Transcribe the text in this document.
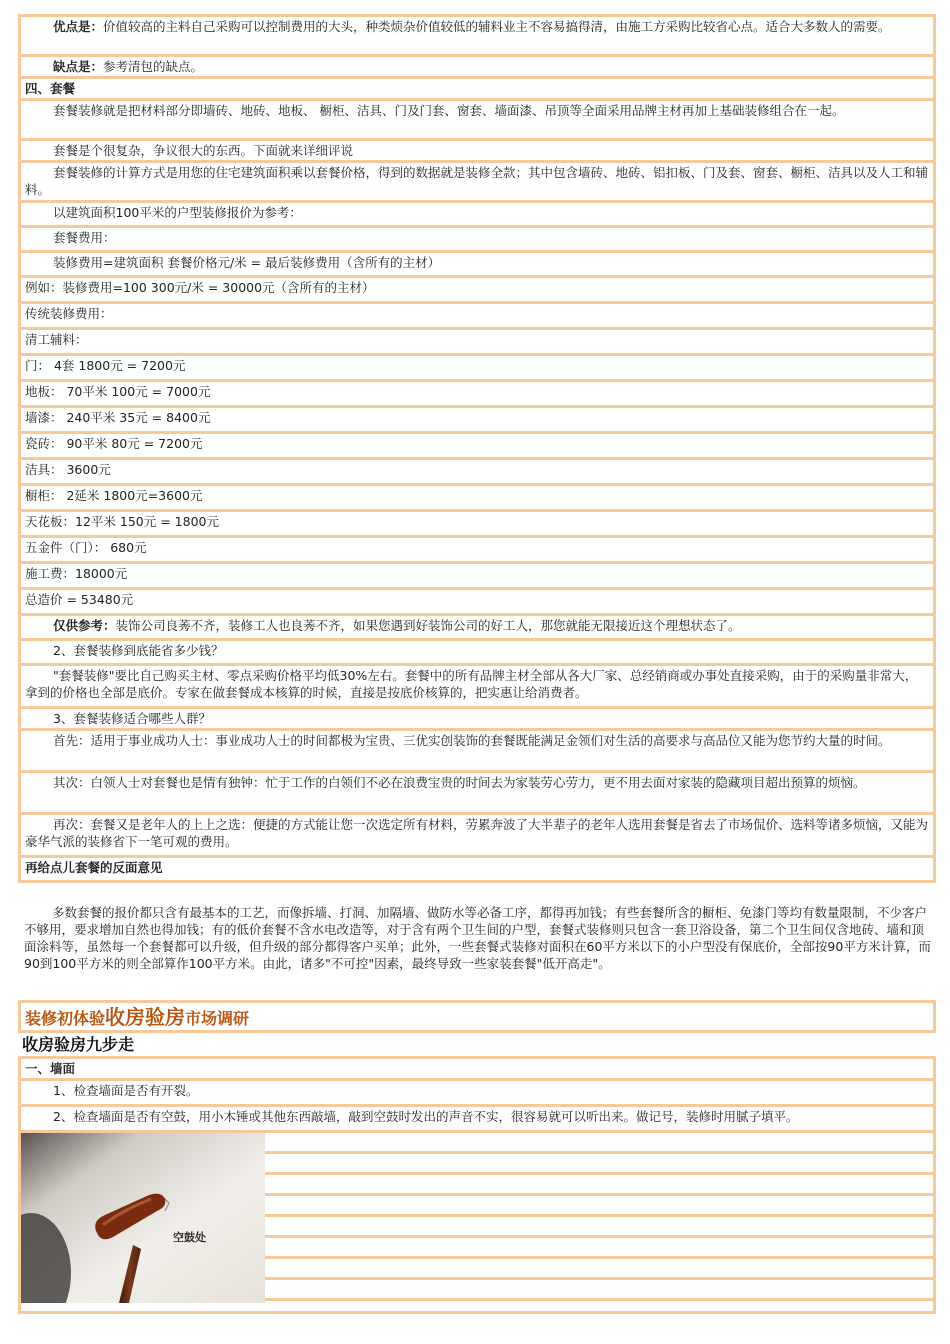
优点是：价值较高的主料自己采购可以控制费用的大头，种类烦杂价值较低的辅料业主不容易搞得清，由施工方采购比较省心点。适合大多数人的需要。
缺点是：参考清包的缺点。
四、套餐
套餐装修就是把材料部分即墙砖、地砖、地板、 橱柜、洁具、门及门套、窗套、墙面漆、吊顶等全面采用品牌主材再加上基础装修组合在一起。
套餐是个很复杂，争议很大的东西。下面就来详细评说
套餐装修的计算方式是用您的住宅建筑面积乘以套餐价格，得到的数据就是装修全款；其中包含墙砖、地砖、铝扣板、门及套、窗套、橱柜、洁具以及人工和辅料。
以建筑面积100平米的户型装修报价为参考：
套餐费用：
装修费用=建筑面积 套餐价格元/米 = 最后装修费用（含所有的主材）
例如：装修费用=100 300元/米 = 30000元（含所有的主材）
传统装修费用：
清工辅料：
门： 4套 1800元 = 7200元
地板： 70平米 100元 = 7000元
墙漆： 240平米 35元 = 8400元
瓷砖： 90平米 80元 = 7200元
洁具： 3600元
橱柜： 2延米 1800元=3600元
天花板：12平米 150元 = 1800元
五金件（门）： 680元
施工费：18000元
总造价 = 53480元
仅供参考：装饰公司良莠不齐，装修工人也良莠不齐，如果您遇到好装饰公司的好工人，那您就能无限接近这个理想状态了。
2、套餐装修到底能省多少钱？
"套餐装修"要比自己购买主材、零点采购价格平均低30%左右。套餐中的所有品牌主材全部从各大厂家、总经销商或办事处直接采购，由于的采购量非常大，拿到的价格也全部是底价。专家在做套餐成本核算的时候，直接是按底价核算的，把实惠让给消费者。
3、套餐装修适合哪些人群？
首先：适用于事业成功人士：事业成功人士的时间都极为宝贵、三优实创装饰的套餐既能满足金领们对生活的高要求与高品位又能为您节约大量的时间。
其次：白领人士对套餐也是情有独钟：忙于工作的白领们不必在浪费宝贵的时间去为家装劳心劳力，更不用去面对家装的隐藏项目超出预算的烦恼。
再次：套餐又是老年人的上上之选：便捷的方式能让您一次选定所有材料，劳累奔波了大半辈子的老年人选用套餐是省去了市场侃价、选料等诸多烦恼，又能为豪华气派的装修省下一笔可观的费用。
再给点儿套餐的反面意见
多数套餐的报价都只含有最基本的工艺，而像拆墙、打洞、加隔墙、做防水等必备工序，都得再加钱；有些套餐所含的橱柜、免漆门等均有数量限制，不少客户不够用，要求增加自然也得加钱；有的低价套餐不含水电改造等，对于含有两个卫生间的户型，套餐式装修则只包含一套卫浴设备，第二个卫生间仅含地砖、墙和顶面涂料等，虽然每一个套餐都可以升级，但升级的部分都得客户买单；此外，一些套餐式装修对面积在60平方米以下的小户型没有保底价，全部按90平方米计算，而90到100平方米的则全部算作100平方米。由此，诸多"不可控"因素，最终导致一些家装套餐"低开高走"。
装修初体验收房验房市场调研
收房验房九步走
一、墙面
1、检查墙面是否有开裂。
2、检查墙面是否有空鼓，用小木锤或其他东西敲墙，敲到空鼓时发出的声音不实，很容易就可以听出来。做记号，装修时用腻子填平。
空鼓处
